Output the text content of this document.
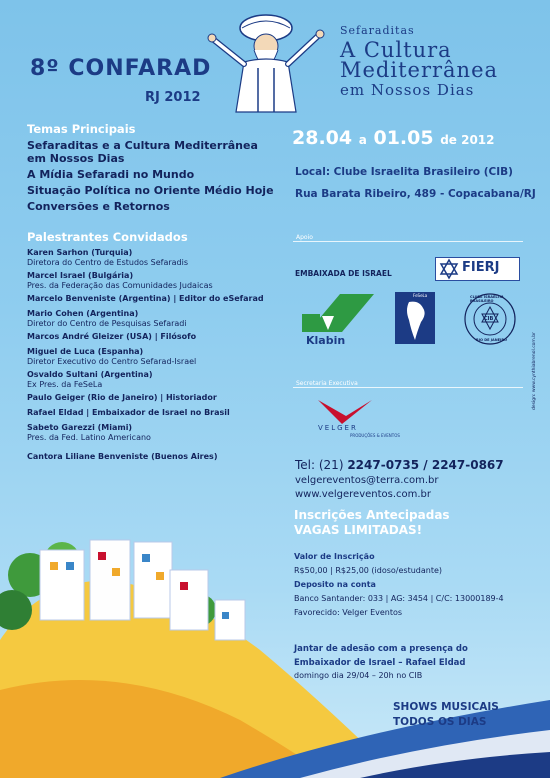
8º CONFARAD
RJ 2012
Sefaraditas
A Cultura
Mediterrânea
em Nossos Dias
Temas Principais
Sefaraditas e a Cultura Mediterrânea em Nossos Dias
A Mídia Sefaradi no Mundo
Situação Política no Oriente Médio Hoje
Conversões e Retornos
Palestrantes Convidados
Karen Sarhon (Turquia)
Diretora do Centro de Estudos Sefaradis
Marcel Israel (Bulgária)
Pres. da Federação das Comunidades Judaicas
Marcelo Benveniste (Argentina) | Editor do eSefarad
Mario Cohen (Argentina)
Diretor do Centro de Pesquisas Sefaradi
Marcos André Gleizer (USA) | Filósofo
Miguel de Luca (Espanha)
Diretor Executivo do Centro Sefarad-Israel
Osvaldo Sultani (Argentina)
Ex Pres. da FeSeLa
Paulo Geiger (Rio de Janeiro) | Historiador
Rafael Eldad | Embaixador de Israel no Brasil
Sabeto Garezzi (Miami)
Pres. da Fed. Latino Americano
Cantora Liliane Benveniste (Buenos Aires)
28.04 a 01.05 de 2012
Local: Clube Israelita Brasileiro (CIB)
Rua Barata Ribeiro, 489 - Copacabana/RJ
Apoio
EMBAIXADA DE ISRAEL	FIERJ
Klabin
FeSeLa	CLUBE ISRAELITA BRASILEIRO
CIB
RIO DE JANEIRO
Secretaria Executiva
VELGER
PRODUÇÕES & EVENTOS
Tel: (21) 2247-0735 / 2247-0867
velgereventos@terra.com.br
www.velgereventos.com.br
design: www.cynthiabrenol.com.br
Inscrições Antecipadas
VAGAS LIMITADAS!
Valor de Inscrição
R$50,00 | R$25,00 (idoso/estudante)
Deposito na conta
Banco Santander: 033 | AG: 3454 | C/C: 13000189-4
Favorecido: Velger Eventos
Jantar de adesão com a presença do
Embaixador de Israel – Rafael Eldad
domingo dia 29/04 – 20h no CIB
SHOWS MUSICAIS
TODOS OS DIAS
